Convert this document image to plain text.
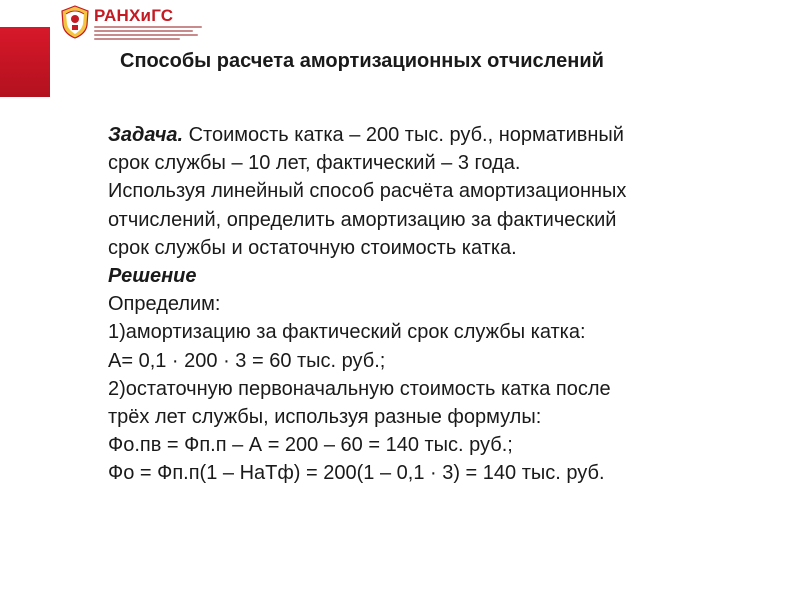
РАНХиГС
Способы расчета амортизационных отчислений
Задача. Стоимость катка – 200 тыс. руб., нормативный
срок службы – 10 лет, фактический – 3 года.
Используя линейный способ расчёта амортизационных
отчислений, определить амортизацию за фактический
срок службы и остаточную стоимость катка.
Решение
Определим:
1)амортизацию за фактический срок службы катка:
А= 0,1 · 200 · 3 = 60 тыс. руб.;
2)остаточную первоначальную стоимость катка после
трёх лет службы, используя разные формулы:
Фо.пв = Фп.п – А = 200 – 60 = 140 тыс. руб.;
Фо = Фп.п(1 – НаТф) = 200(1 – 0,1 · 3) = 140 тыс. руб.
